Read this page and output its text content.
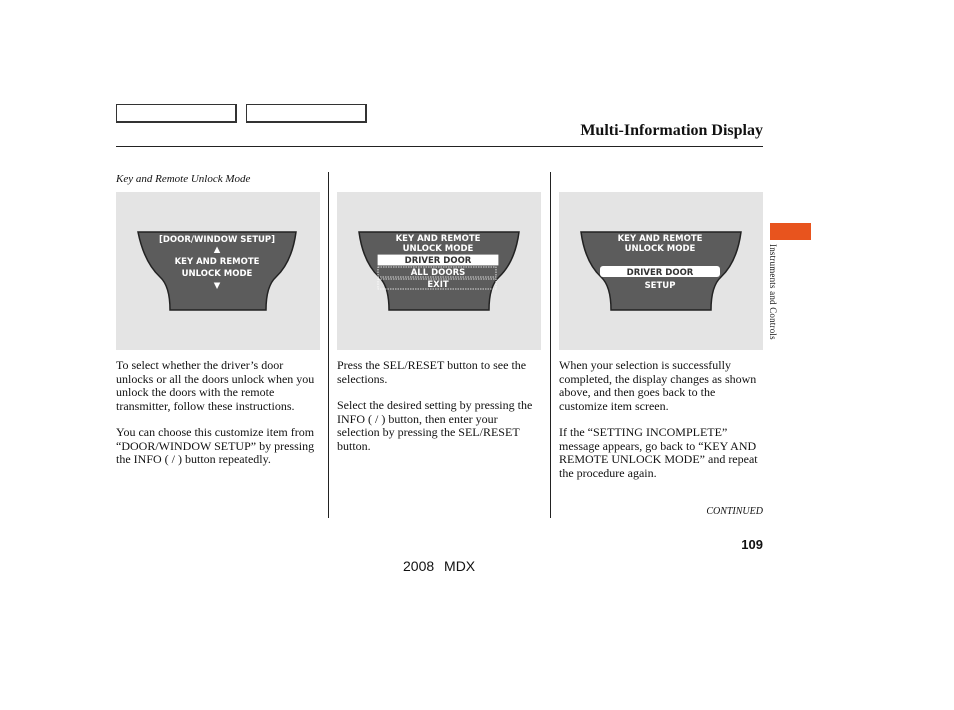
Multi-Information Display
Key and Remote Unlock Mode
[DOOR/WINDOW SETUP]
▲
KEY AND REMOTE
UNLOCK MODE
▼
KEY AND REMOTE
UNLOCK MODE
DRIVER DOOR
ALL DOORS
EXIT
KEY AND REMOTE
UNLOCK MODE
DRIVER DOOR
SETUP

To select whether the driver’s door unlocks or all the doors unlock when you unlock the doors with the remote transmitter, follow these instructions.

You can choose this customize item from “DOOR/WINDOW SETUP” by pressing the INFO ( / ) button repeatedly.

Press the SEL/RESET button to see the selections.

Select the desired setting by pressing the INFO ( / ) button, then enter your selection by pressing the SEL/RESET button.

When your selection is successfully completed, the display changes as shown above, and then goes back to the customize item screen.

If the “SETTING INCOMPLETE” message appears, go back to “KEY AND REMOTE UNLOCK MODE” and repeat the procedure again.

CONTINUED
109
2008 MDX
Instruments and Controls
